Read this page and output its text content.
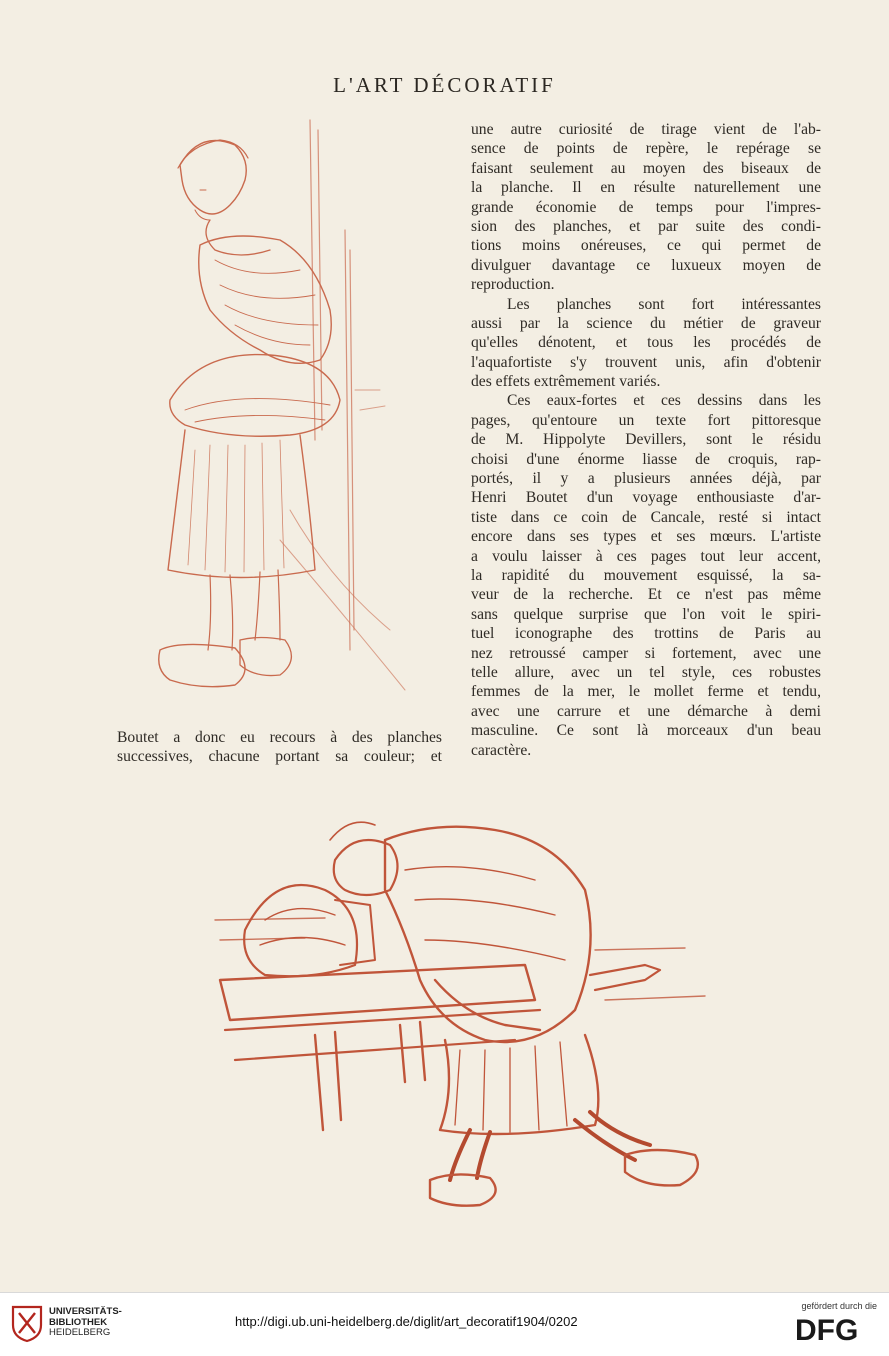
L'ART DÉCORATIF
une autre curiosité de tirage vient de l'ab-
sence de points de repère, le repérage se
faisant seulement au moyen des biseaux de
la planche. Il en résulte naturellement une
grande économie de temps pour l'impres-
sion des planches, et par suite des condi-
tions moins onéreuses, ce qui permet de
divulguer davantage ce luxueux moyen de
reproduction.
Les planches sont fort intéressantes
aussi par la science du métier de graveur
qu'elles dénotent, et tous les procédés de
l'aquafortiste s'y trouvent unis, afin d'obtenir
des effets extrêmement variés.
Ces eaux-fortes et ces dessins dans les
pages, qu'entoure un texte fort pittoresque
de M. Hippolyte Devillers, sont le résidu
choisi d'une énorme liasse de croquis, rap-
portés, il y a plusieurs années déjà, par
Henri Boutet d'un voyage enthousiaste d'ar-
tiste dans ce coin de Cancale, resté si intact
encore dans ses types et ses mœurs. L'artiste
a voulu laisser à ces pages tout leur accent,
la rapidité du mouvement esquissé, la sa-
veur de la recherche. Et ce n'est pas même
sans quelque surprise que l'on voit le spiri-
tuel iconographe des trottins de Paris au
nez retroussé camper si fortement, avec une
telle allure, avec un tel style, ces robustes
femmes de la mer, le mollet ferme et tendu,
avec une carrure et une démarche à demi
masculine. Ce sont là morceaux d'un beau
caractère.
Boutet a donc eu recours à des planches
successives, chacune portant sa couleur; et
UNIVERSITÄTS-
BIBLIOTHEK
HEIDELBERG
http://digi.ub.uni-heidelberg.de/diglit/art_decoratif1904/0202
gefördert durch die
DFG
